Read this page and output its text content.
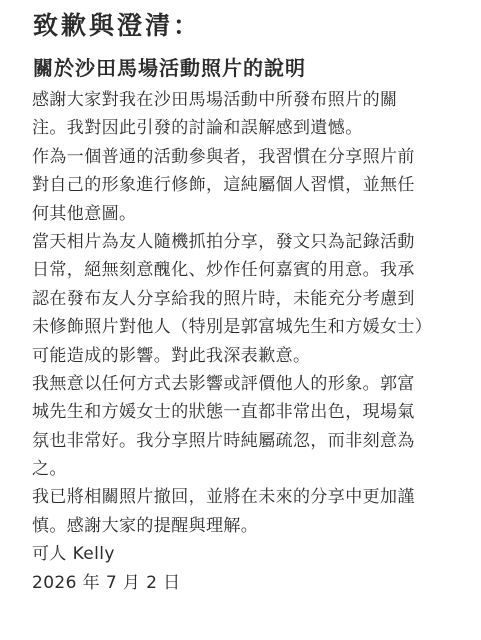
致歉與澄清：
關於沙田馬場活動照片的說明
感謝大家對我在沙田馬場活動中所發布照片的關
注。我對因此引發的討論和誤解感到遺憾。
作為一個普通的活動參與者，我習慣在分享照片前
對自己的形象進行修飾，這純屬個人習慣，並無任
何其他意圖。
當天相片為友人隨機抓拍分享，發文只為記錄活動
日常，絕無刻意醜化、炒作任何嘉賓的用意。我承
認在發布友人分享給我的照片時，未能充分考慮到
未修飾照片對他人（特別是郭富城先生和方媛女士）
可能造成的影響。對此我深表歉意。
我無意以任何方式去影響或評價他人的形象。郭富
城先生和方媛女士的狀態一直都非常出色，現場氣
氛也非常好。我分享照片時純屬疏忽，而非刻意為
之。
我已將相關照片撤回，並將在未來的分享中更加謹
慎。感謝大家的提醒與理解。
可人 Kelly
2026 年 7 月 2 日
